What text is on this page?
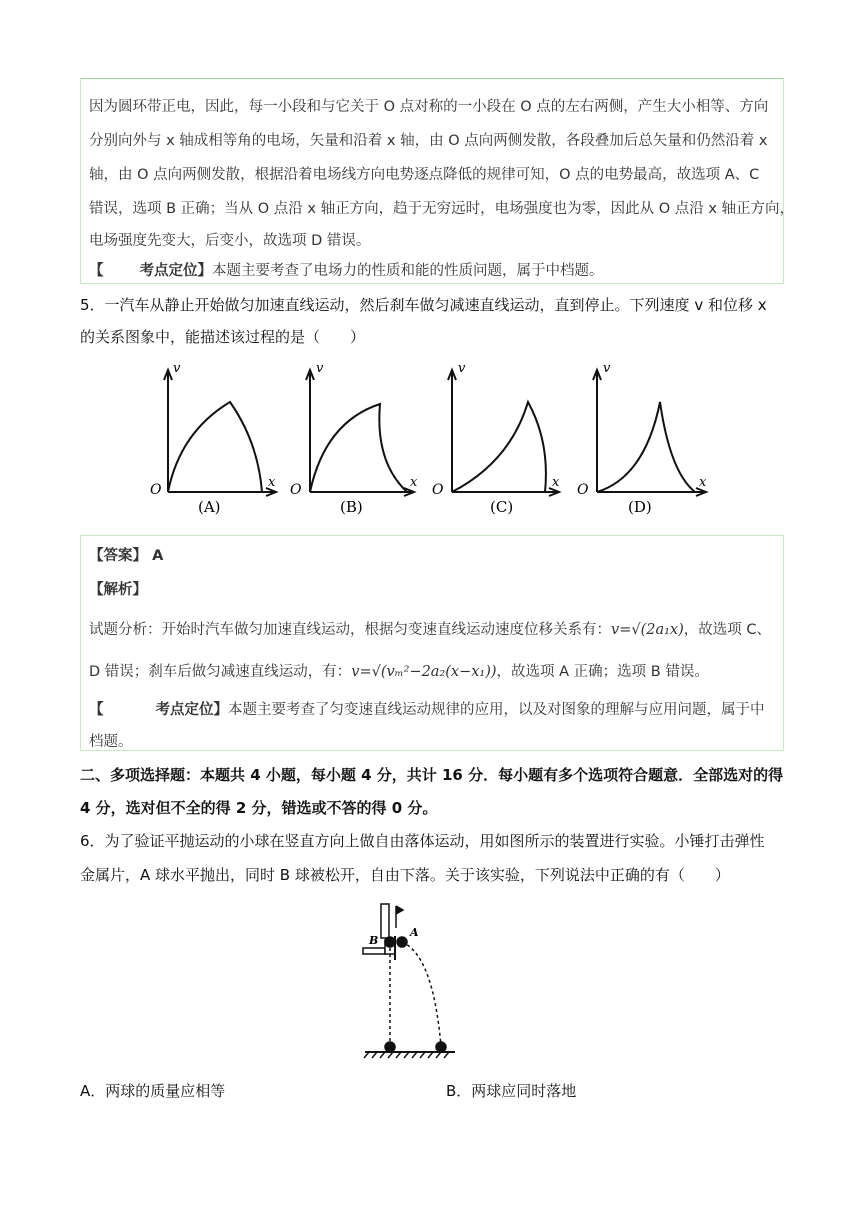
因为圆环带正电，因此，每一小段和与它关于 O 点对称的一小段在 O 点的左右两侧，产生大小相等、方向

分别向外与 x 轴成相等角的电场，矢量和沿着 x 轴，由 O 点向两侧发散，各段叠加后总矢量和仍然沿着 x

轴，由 O 点向两侧发散，根据沿着电场线方向电势逐点降低的规律可知，O 点的电势最高，故选项 A、C

错误，选项 B 正确；当从 O 点沿 x 轴正方向，趋于无穷远时，电场强度也为零，因此从 O 点沿 x 轴正方向，

电场强度先变大，后变小，故选项 D 错误。

【 考点定位】本题主要考查了电场力的性质和能的性质问题，属于中档题。

5．一汽车从静止开始做匀加速直线运动，然后刹车做匀减速直线运动，直到停止。下列速度 v 和位移 x
的关系图象中，能描述该过程的是（　　）
v
x
O
(A)
v
x
O
(B)
v
x
O
(C)
v
x
O
(D)

【答案】 A

【解析】

试题分析：开始时汽车做匀加速直线运动，根据匀变速直线运动速度位移关系有：v=√(2a₁x)，故选项 C、

D 错误；刹车后做匀减速直线运动，有：v=√(vₘ²−2a₂(x−x₁))，故选项 A 正确；选项 B 错误。

【	考点定位】本题主要考查了匀变速直线运动规律的应用，以及对图象的理解与应用问题，属于中

档题。

二、多项选择题：本题共 4 小题，每小题 4 分，共计 16 分．每小题有多个选项符合题意．全部选对的得
4 分，选对但不全的得 2 分，错选或不答的得 0 分。
6．为了验证平抛运动的小球在竖直方向上做自由落体运动，用如图所示的装置进行实验。小锤打击弹性
金属片，A 球水平抛出，同时 B 球被松开，自由下落。关于该实验，下列说法中正确的有（　　）
B
A
A．两球的质量应相等	B．两球应同时落地
